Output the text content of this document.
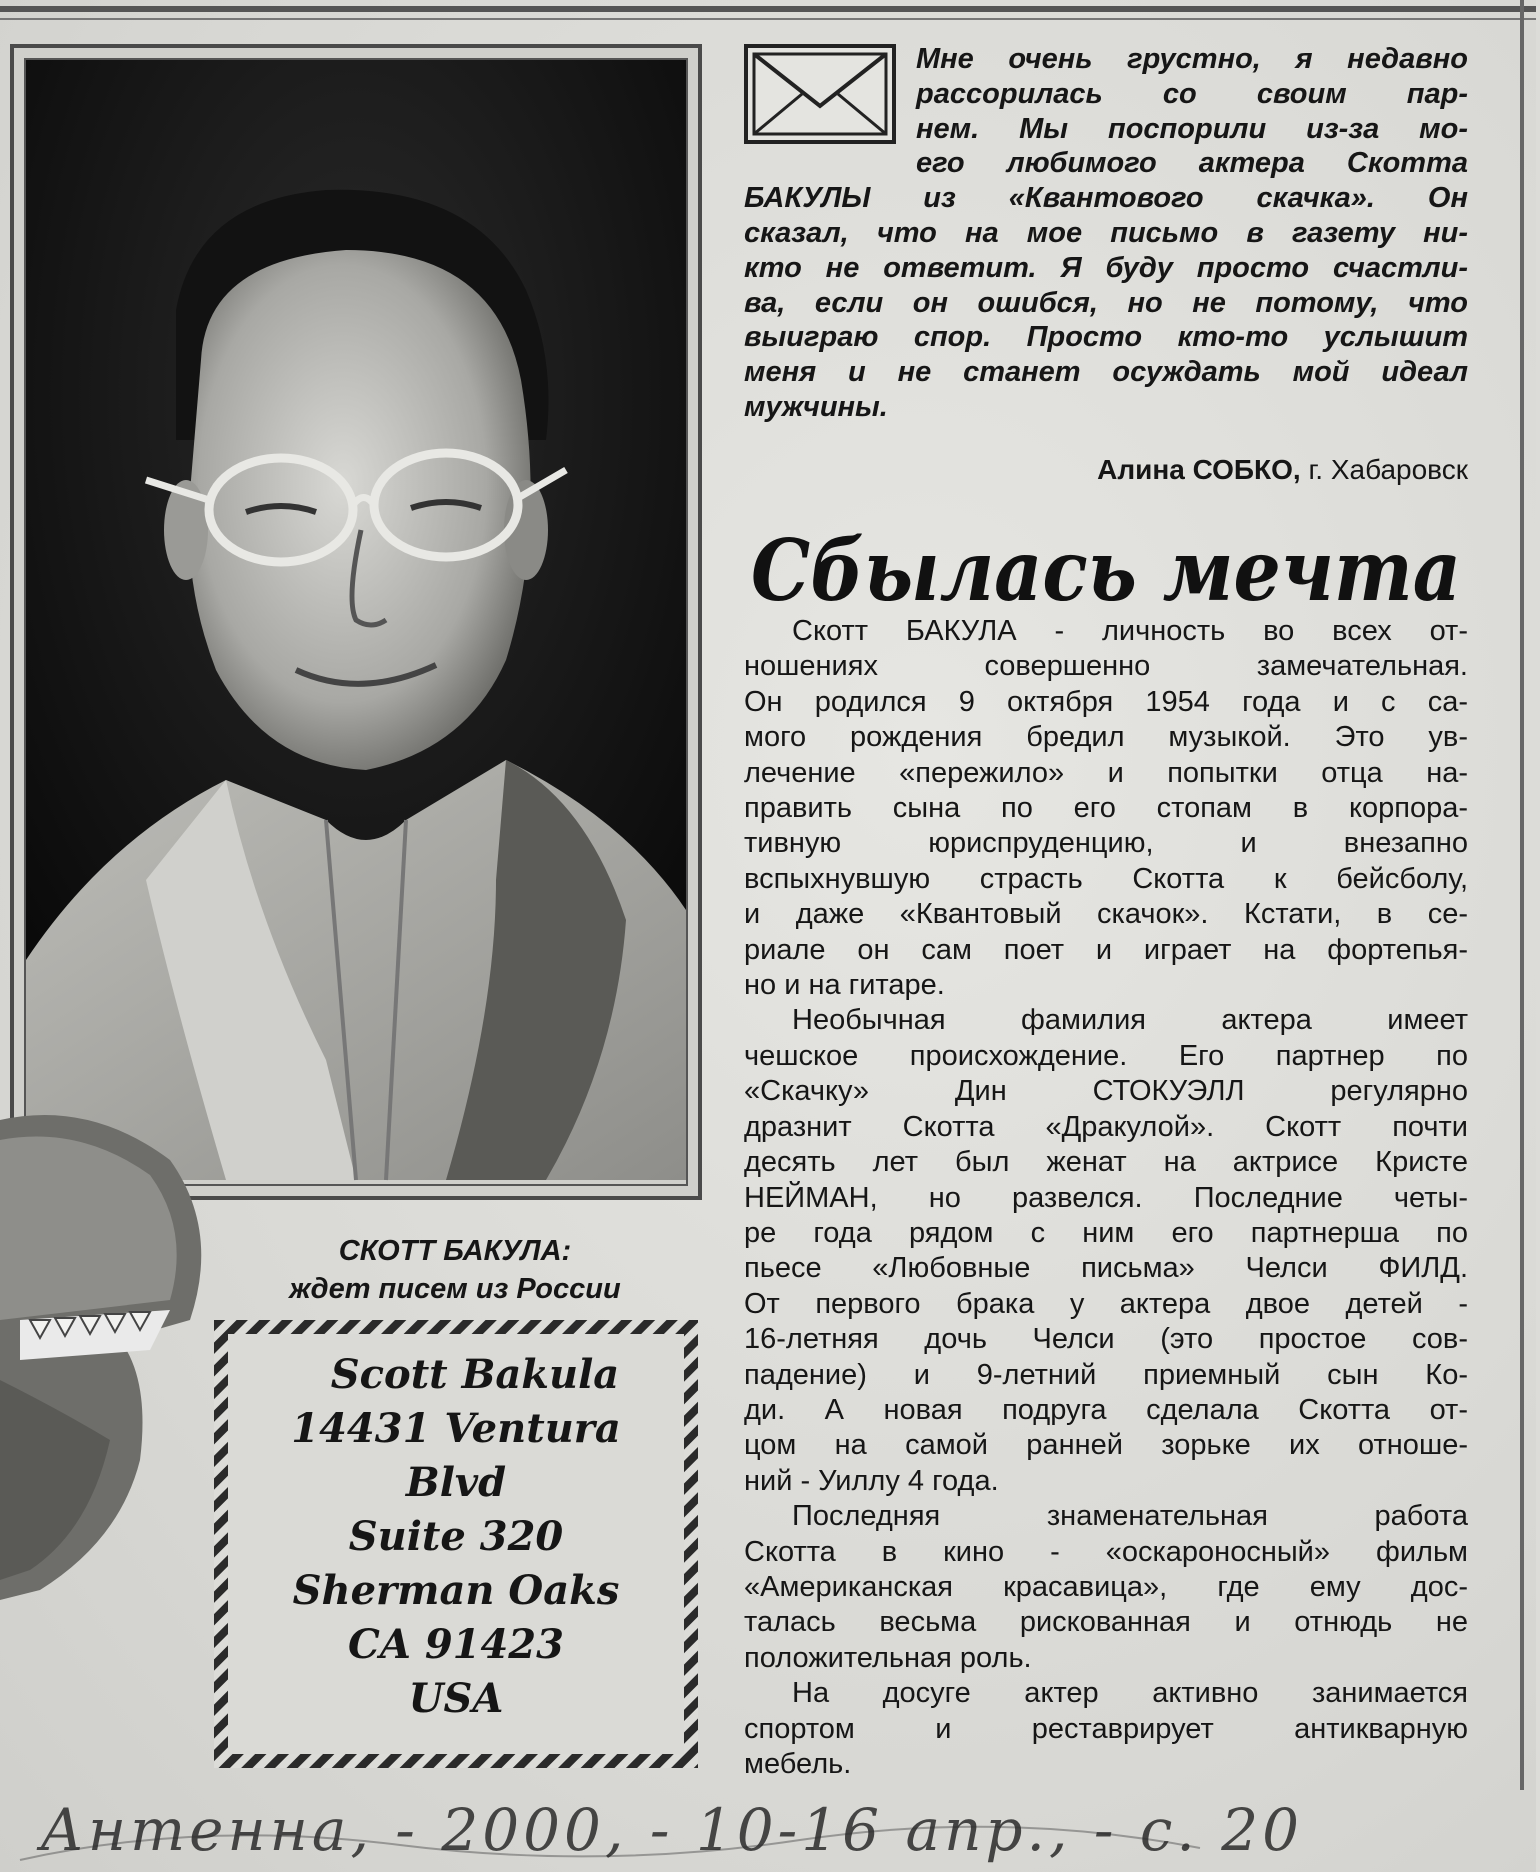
СКОТТ БАКУЛА:
ждет писем из России
Scott Bakula
14431 Ventura
Blvd
Suite 320
Sherman Oaks
CA 91423
USA
Мне очень грустно, я недавно
рассорилась со своим пар-
нем. Мы поспорили из-за мо-
его любимого актера Скотта
БАКУЛЫ из «Квантового скачка». Он
сказал, что на мое письмо в газету ни-
кто не ответит. Я буду просто счастли-
ва, если он ошибся, но не потому, что
выиграю спор. Просто кто-то услышит
меня и не станет осуждать мой идеал
мужчины.
Алина СОБКО, г. Хабаровск
Сбылась мечта
Скотт БАКУЛА - личность во всех от-
ношениях совершенно замечательная.
Он родился 9 октября 1954 года и с са-
мого рождения бредил музыкой. Это ув-
лечение «пережило» и попытки отца на-
править сына по его стопам в корпора-
тивную юриспруденцию, и внезапно
вспыхнувшую страсть Скотта к бейсболу,
и даже «Квантовый скачок». Кстати, в се-
риале он сам поет и играет на фортепья-
но и на гитаре.
Необычная фамилия актера имеет
чешское происхождение. Его партнер по
«Скачку» Дин СТОКУЭЛЛ регулярно
дразнит Скотта «Дракулой». Скотт почти
десять лет был женат на актрисе Кристе
НЕЙМАН, но развелся. Последние четы-
ре года рядом с ним его партнерша по
пьесе «Любовные письма» Челси ФИЛД.
От первого брака у актера двое детей -
16-летняя дочь Челси (это простое сов-
падение) и 9-летний приемный сын Ко-
ди. А новая подруга сделала Скотта от-
цом на самой ранней зорьке их отноше-
ний - Уиллу 4 года.
Последняя знаменательная работа
Скотта в кино - «оскароносный» фильм
«Американская красавица», где ему дос-
талась весьма рискованная и отнюдь не
положительная роль.
На досуге актер активно занимается
спортом и реставрирует антикварную
мебель.
Антенна, - 2000, - 10-16 апр., - с. 20
